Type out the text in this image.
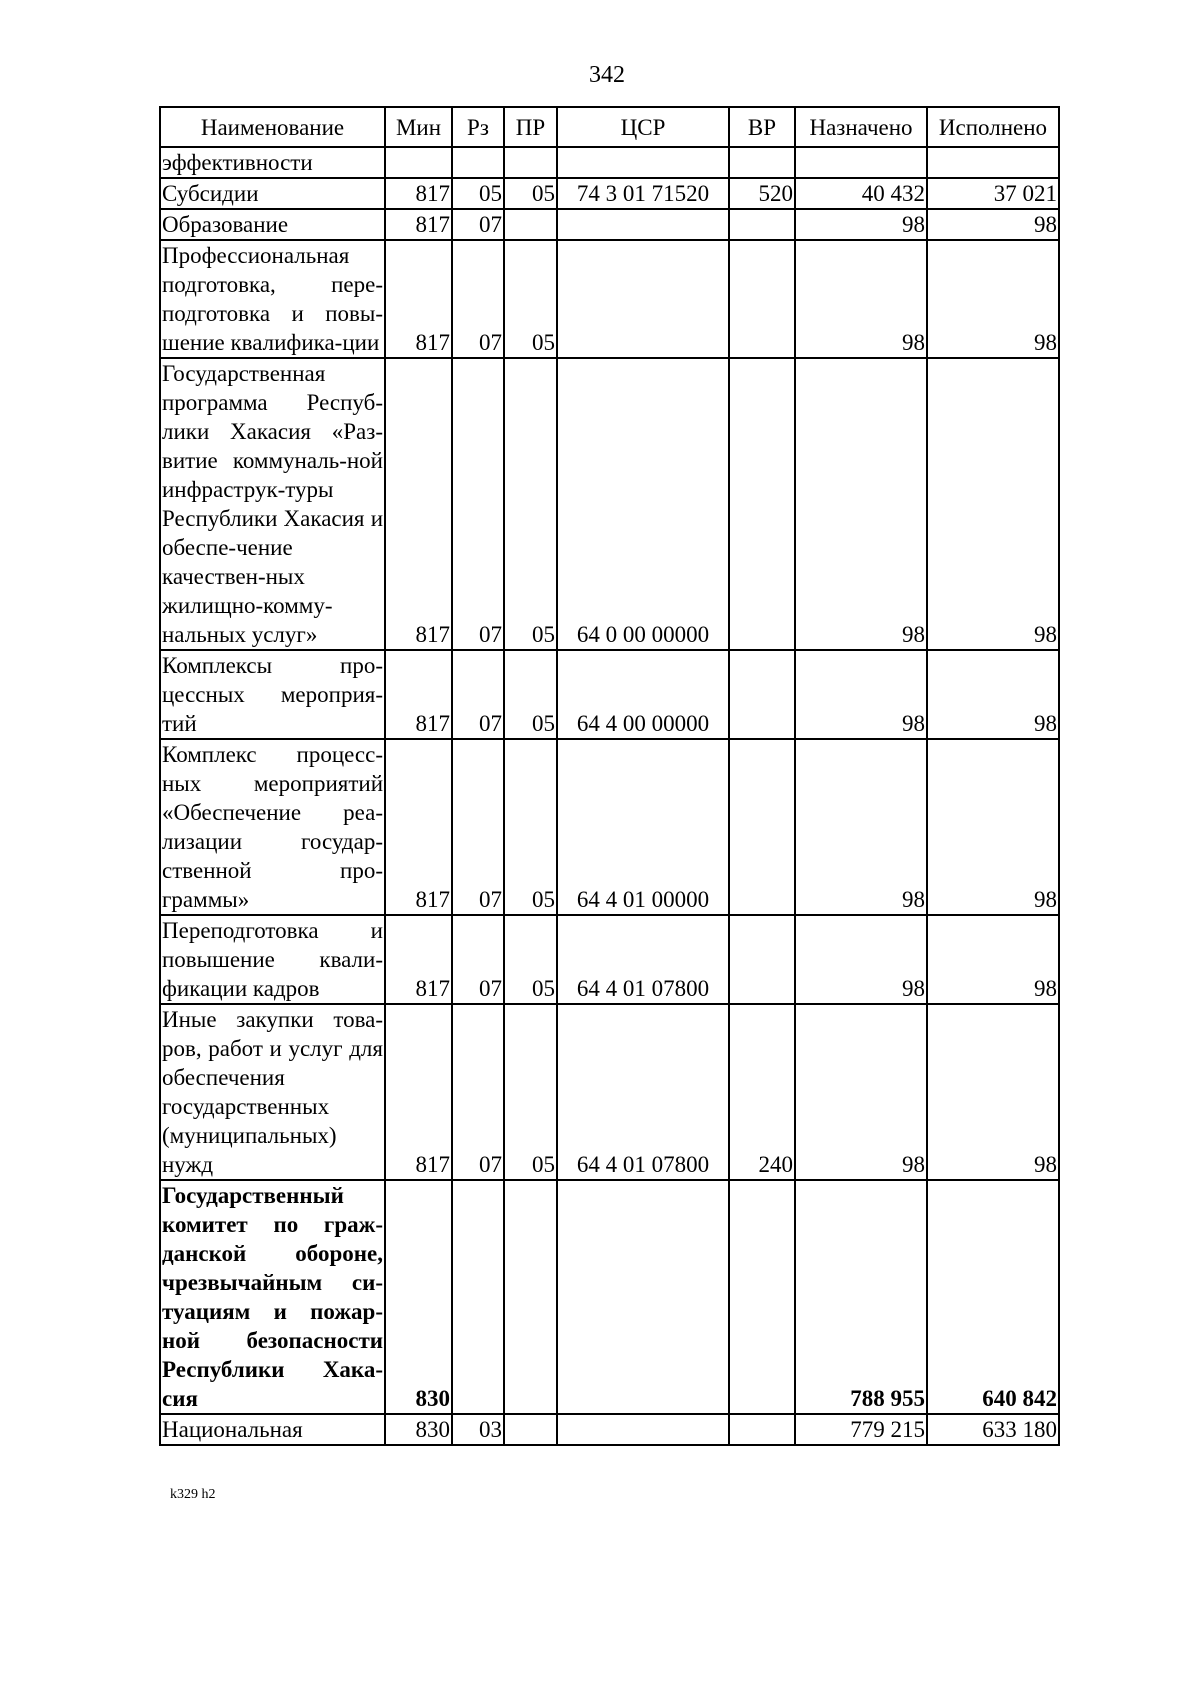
342
Наименование	Мин	Рз	ПР	ЦСР	ВР	Назначено	Исполнено
эффективности							
Субсидии	817	05	05	74 3 01 71520	520	40 432	37 021
Образование	817	07				98	98
Профессиональная подготовка, пере-подготовка и повы-шение квалифика-ции	817	07	05			98	98
Государственная программа Респуб-лики Хакасия «Раз-витие коммуналь-ной инфраструк-туры Республики Хакасия и обеспе-чение качествен-ных жилищно-комму-нальных услуг»	817	07	05	64 0 00 00000		98	98
Комплексы про-цессных мероприя-тий	817	07	05	64 4 00 00000		98	98
Комплекс процесс-ных мероприятий «Обеспечение реа-лизации государ-ственной про-граммы»	817	07	05	64 4 01 00000		98	98
Переподготовка и повышение квали-фикации кадров	817	07	05	64 4 01 07800		98	98
Иные закупки това-ров, работ и услуг для обеспечения государственных (муниципальных) нужд	817	07	05	64 4 01 07800	240	98	98
Государственный комитет по граж-данской обороне, чрезвычайным си-туациям и пожар-ной безопасности Республики Хака-сия	830					788 955	640 842
Национальная	830	03				779 215	633 180
k329 h2
